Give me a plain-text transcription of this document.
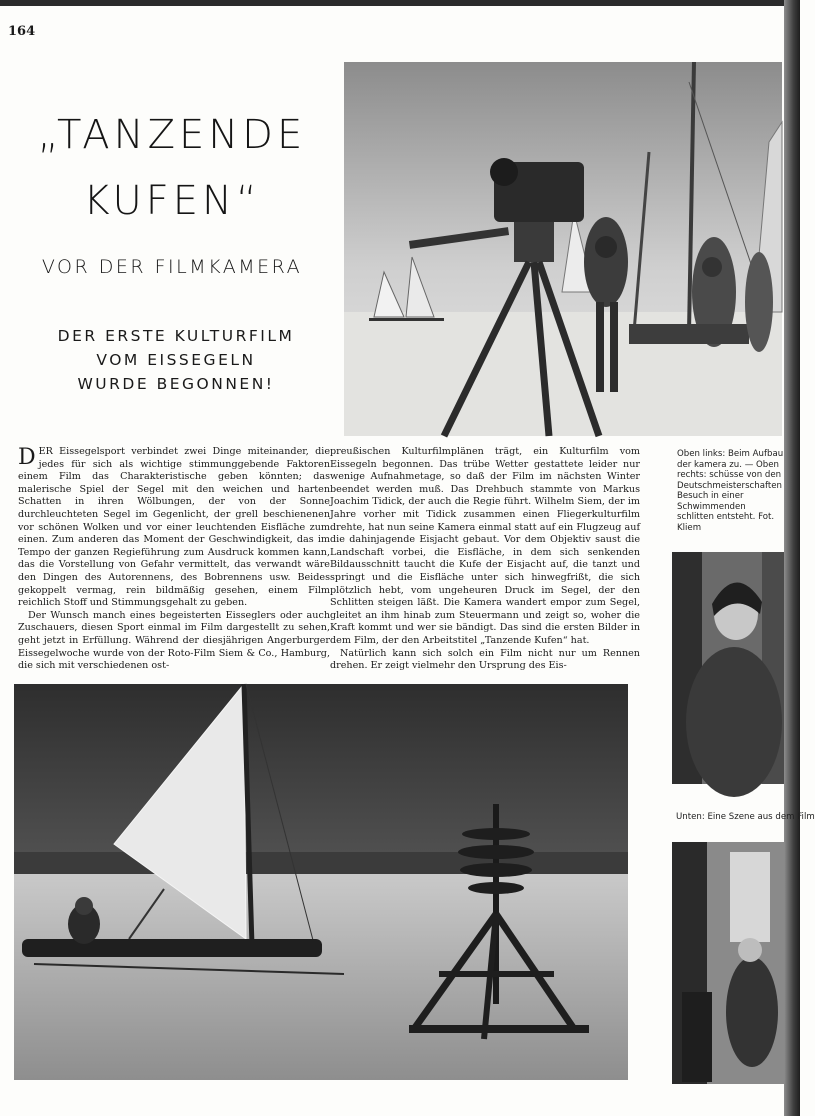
164
„TANZENDE
KUFEN“
VOR DER FILMKAMERA
DER ERSTE KULTURFILM
VOM EISSEGELN
WURDE BEGONNEN!

DER Eissegelsport verbindet zwei Dinge miteinander, die jedes für sich als wichtige stimmunggebende Faktoren einem Film das Charakteristische geben könnten; das malerische Spiel der Segel mit den weichen und harten Schatten in ihren Wölbungen, der von der Sonne durchleuchteten Segel im Gegenlicht, der grell beschienenen vor schönen Wolken und vor einer leuchtenden Eisfläche zum einen. Zum anderen das Moment der Geschwindigkeit, das im Tempo der ganzen Regieführung zum Ausdruck kommen kann, das die Vorstellung von Gefahr vermittelt, das verwandt wäre den Dingen des Autorennens, des Bobrennens usw. Beides gekoppelt vermag, rein bildmäßig gesehen, einem Film reichlich Stoff und Stimmungsgehalt zu geben.

Der Wunsch manch eines begeisterten Eisseglers oder auch Zuschauers, diesen Sport einmal im Film dargestellt zu sehen, geht jetzt in Erfüllung. Während der diesjährigen Angerburger Eissegelwoche wurde von der Roto-Film Siem & Co., Hamburg, die sich mit verschiedenen ost-

preußischen Kulturfilmplänen trägt, ein Kulturfilm vom Eissegeln begonnen. Das trübe Wetter gestattete leider nur wenige Aufnahmetage, so daß der Film im nächsten Winter beendet werden muß. Das Drehbuch stammte von Markus Joachim Tidick, der auch die Regie führt. Wilhelm Siem, der im Jahre vorher mit Tidick zusammen einen Fliegerkulturfilm drehte, hat nun seine Kamera einmal statt auf ein Flugzeug auf die dahinjagende Eisjacht gebaut. Vor dem Objektiv saust die Landschaft vorbei, die Eisfläche, in dem sich senkenden Bildausschnitt taucht die Kufe der Eisjacht auf, die tanzt und springt und die Eisfläche unter sich hinwegfrißt, die sich plötzlich hebt, vom ungeheuren Druck im Segel, der den Schlitten steigen läßt. Die Kamera wandert empor zum Segel, gleitet an ihm hinab zum Steuermann und zeigt so, woher die Kraft kommt und wer sie bändigt. Das sind die ersten Bilder in dem Film, der den Arbeitstitel „Tanzende Kufen“ hat.

Natürlich kann sich solch ein Film nicht nur um Rennen drehen. Er zeigt vielmehr den Ursprung des Eis-

Oben links: Beim Aufbau der kamera zu. — Oben rechts: schüsse von den Deutschmeisterschaften Besuch in einer Schwimmenden schlitten entsteht. Fot. Kliem
Unten: Eine Szene aus dem Film
